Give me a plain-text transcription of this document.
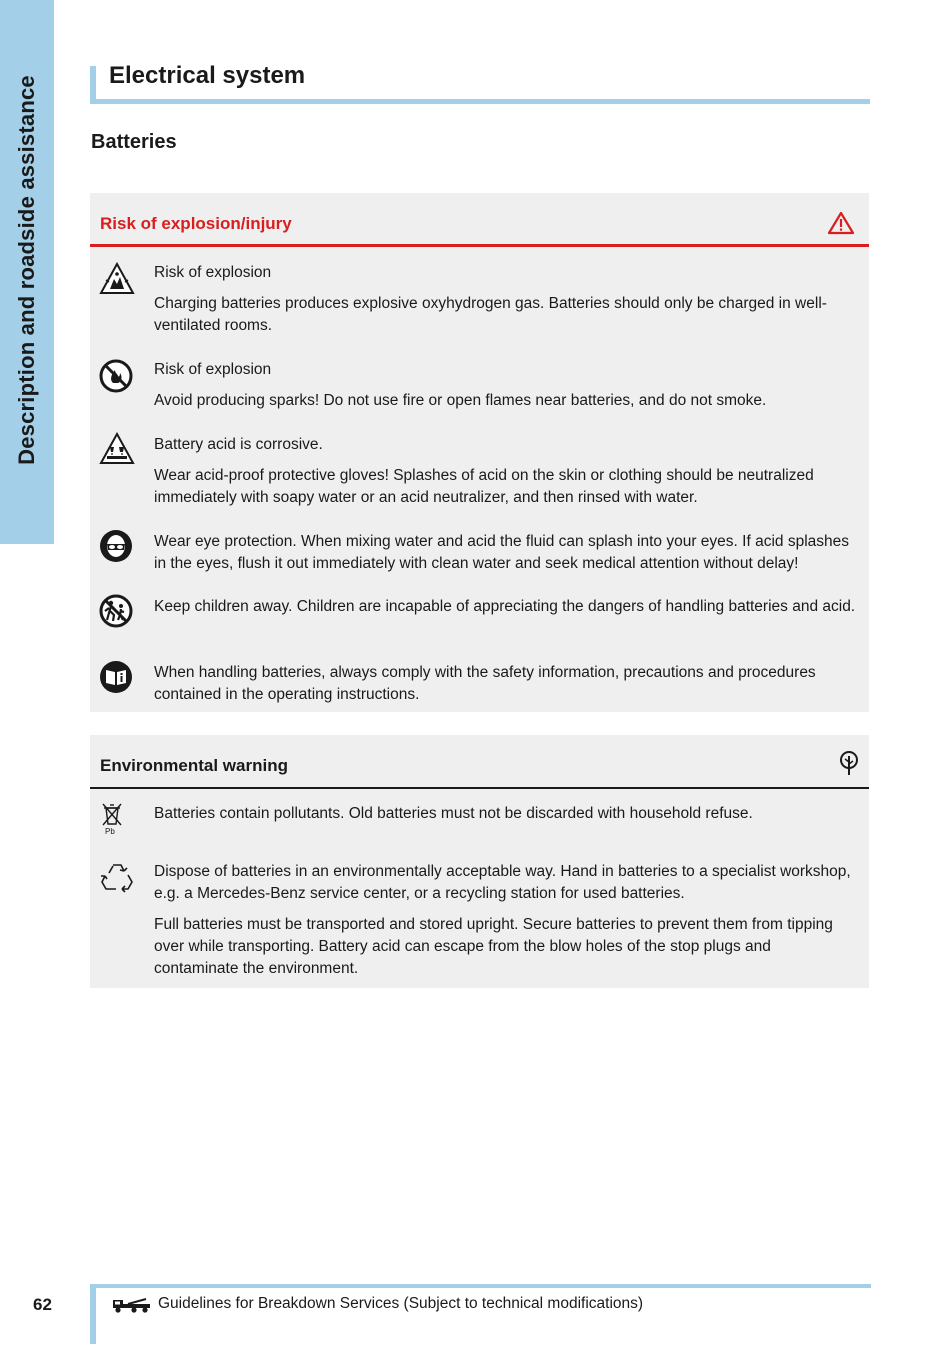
Description and roadside assistance	Electrical system
Batteries
Risk of explosion/injury

Risk of explosion

Charging batteries produces explosive oxyhydrogen gas. Batteries should only be charged in well-ventilated rooms.

Risk of explosion

Avoid producing sparks! Do not use fire or open flames near batteries, and do not smoke.

Battery acid is corrosive.

Wear acid-proof protective gloves! Splashes of acid on the skin or clothing should be neutralized immediately with soapy water or an acid neutralizer, and then rinsed with water.

Wear eye protection. When mixing water and acid the fluid can splash into your eyes. If acid splashes in the eyes, flush it out immediately with clean water and seek medical attention without delay!

Keep children away. Children are incapable of appreciating the dangers of handling batteries and acid.

When handling batteries, always comply with the safety information, precautions and procedures contained in the operating instructions.

Environmental warning
Pb

Batteries contain pollutants. Old batteries must not be discarded with household refuse.

Dispose of batteries in an environmentally acceptable way. Hand in batteries to a specialist workshop, e.g. a Mercedes-Benz service center, or a recycling station for used batteries.

Full batteries must be transported and stored upright. Secure batteries to prevent them from tipping over while transporting. Battery acid can escape from the blow holes of the stop plugs and contaminate the environment.

62	Guidelines for Breakdown Services (Subject to technical modifications)
